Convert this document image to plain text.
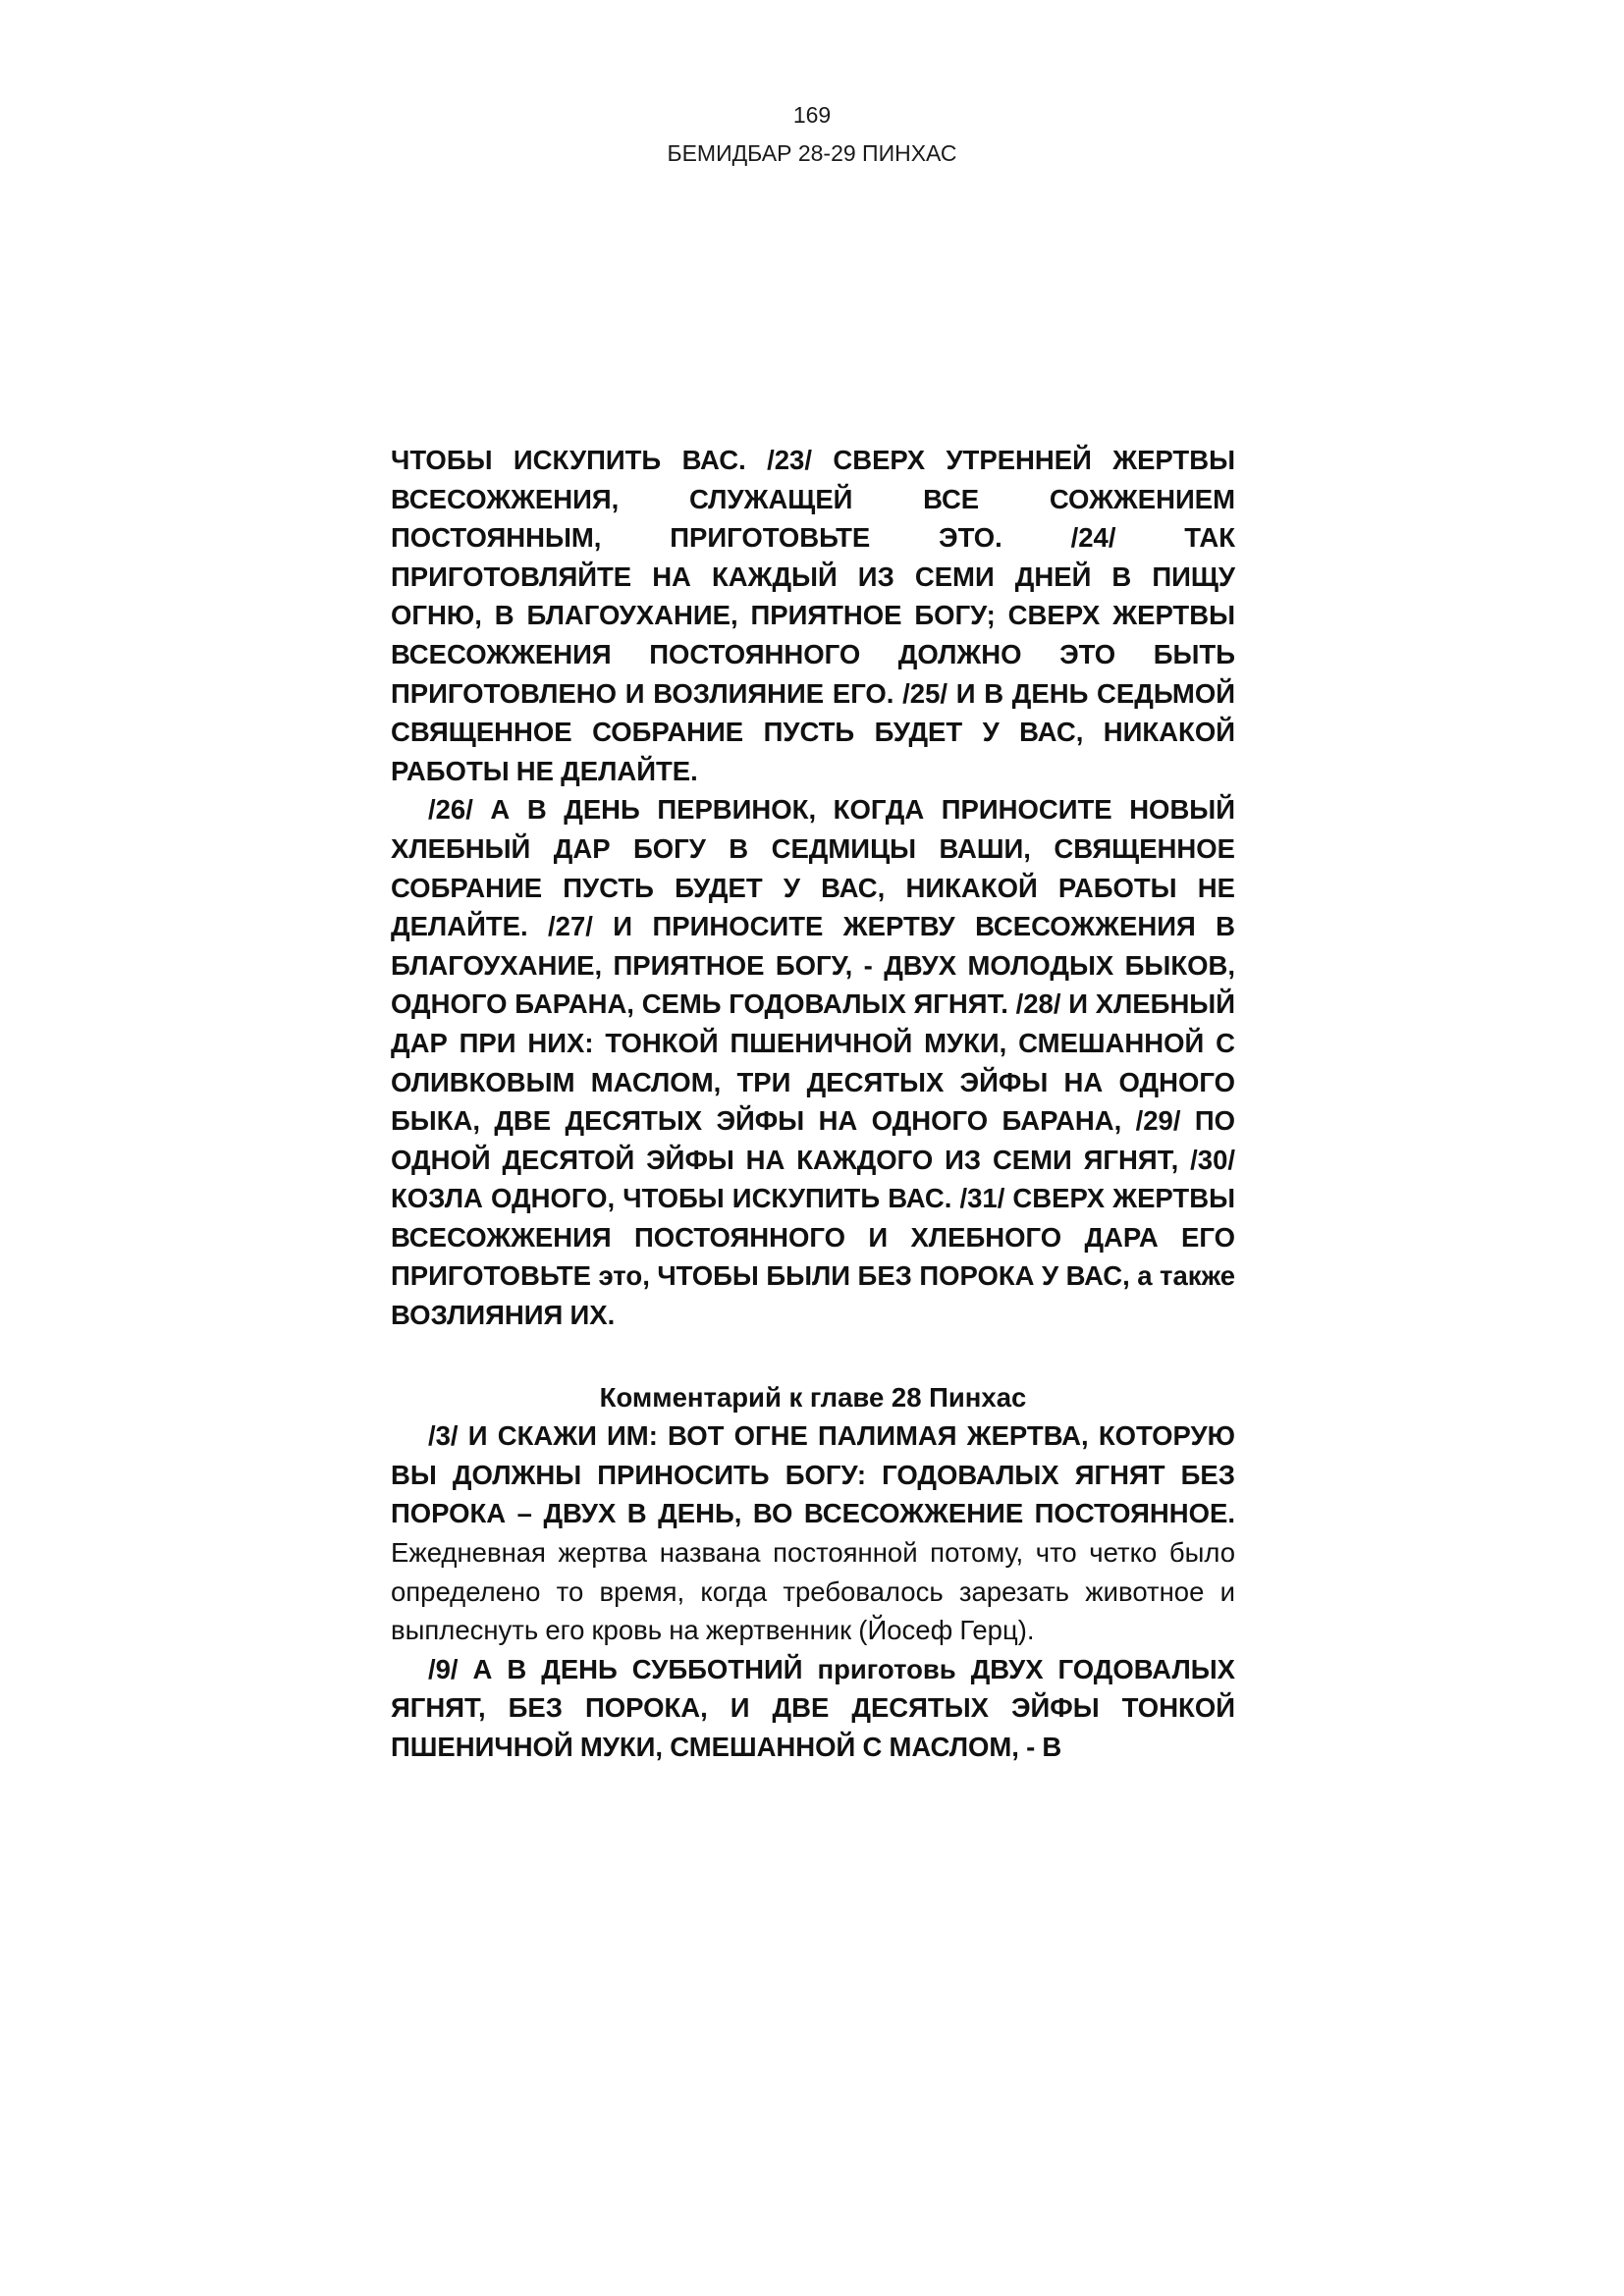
169
БЕМИДБАР 28-29 ПИНХАС

ЧТОБЫ ИСКУПИТЬ ВАС. /23/ СВЕРХ УТРЕННЕЙ ЖЕРТВЫ ВСЕСОЖЖЕНИЯ, СЛУЖАЩЕЙ ВСЕ СОЖЖЕНИЕМ ПОСТОЯННЫМ, ПРИГОТОВЬТЕ ЭТО. /24/ ТАК ПРИГОТОВЛЯЙТЕ НА КАЖДЫЙ ИЗ СЕМИ ДНЕЙ В ПИЩУ ОГНЮ, В БЛАГОУХАНИЕ, ПРИЯТНОЕ БОГУ; СВЕРХ ЖЕРТВЫ ВСЕСОЖЖЕНИЯ ПОСТОЯННОГО ДОЛЖНО ЭТО БЫТЬ ПРИГОТОВЛЕНО И ВОЗЛИЯНИЕ ЕГО. /25/ И В ДЕНЬ СЕДЬМОЙ СВЯЩЕННОЕ СОБРАНИЕ ПУСТЬ БУДЕТ У ВАС, НИКАКОЙ РАБОТЫ НЕ ДЕЛАЙТЕ.

/26/ А В ДЕНЬ ПЕРВИНОК, КОГДА ПРИНОСИТЕ НОВЫЙ ХЛЕБНЫЙ ДАР БОГУ В СЕДМИЦЫ ВАШИ, СВЯЩЕННОЕ СОБРАНИЕ ПУСТЬ БУДЕТ У ВАС, НИКАКОЙ РАБОТЫ НЕ ДЕЛАЙТЕ. /27/ И ПРИНОСИТЕ ЖЕРТВУ ВСЕСОЖЖЕНИЯ В БЛАГОУХАНИЕ, ПРИЯТНОЕ БОГУ, - ДВУХ МОЛОДЫХ БЫКОВ, ОДНОГО БАРАНА, СЕМЬ ГОДОВАЛЫХ ЯГНЯТ. /28/ И ХЛЕБНЫЙ ДАР ПРИ НИХ: ТОНКОЙ ПШЕНИЧНОЙ МУКИ, СМЕШАННОЙ С ОЛИВКОВЫМ МАСЛОМ, ТРИ ДЕСЯТЫХ ЭЙФЫ НА ОДНОГО БЫКА, ДВЕ ДЕСЯТЫХ ЭЙФЫ НА ОДНОГО БАРАНА, /29/ ПО ОДНОЙ ДЕСЯТОЙ ЭЙФЫ НА КАЖДОГО ИЗ СЕМИ ЯГНЯТ, /30/ КОЗЛА ОДНОГО, ЧТОБЫ ИСКУПИТЬ ВАС. /31/ СВЕРХ ЖЕРТВЫ ВСЕСОЖЖЕНИЯ ПОСТОЯННОГО И ХЛЕБНОГО ДАРА ЕГО ПРИГОТОВЬТЕ это, ЧТОБЫ БЫЛИ БЕЗ ПОРОКА У ВАС, а также ВОЗЛИЯНИЯ ИХ.

Комментарий к главе 28 Пинхас

/3/ И СКАЖИ ИМ: ВОТ ОГНЕ ПАЛИМАЯ ЖЕРТВА, КОТОРУЮ ВЫ ДОЛЖНЫ ПРИНОСИТЬ БОГУ: ГОДОВАЛЫХ ЯГНЯТ БЕЗ ПОРОКА – ДВУХ В ДЕНЬ, ВО ВСЕСОЖЖЕНИЕ ПОСТОЯННОЕ. Ежедневная жертва названа постоянной потому, что четко было определено то время, когда требовалось зарезать животное и выплеснуть его кровь на жертвенник (Йосеф Герц).

/9/ А В ДЕНЬ СУББОТНИЙ приготовь ДВУХ ГОДОВАЛЫХ ЯГНЯТ, БЕЗ ПОРОКА, И ДВЕ ДЕСЯТЫХ ЭЙФЫ ТОНКОЙ ПШЕНИЧНОЙ МУКИ, СМЕШАННОЙ С МАСЛОМ, - В
